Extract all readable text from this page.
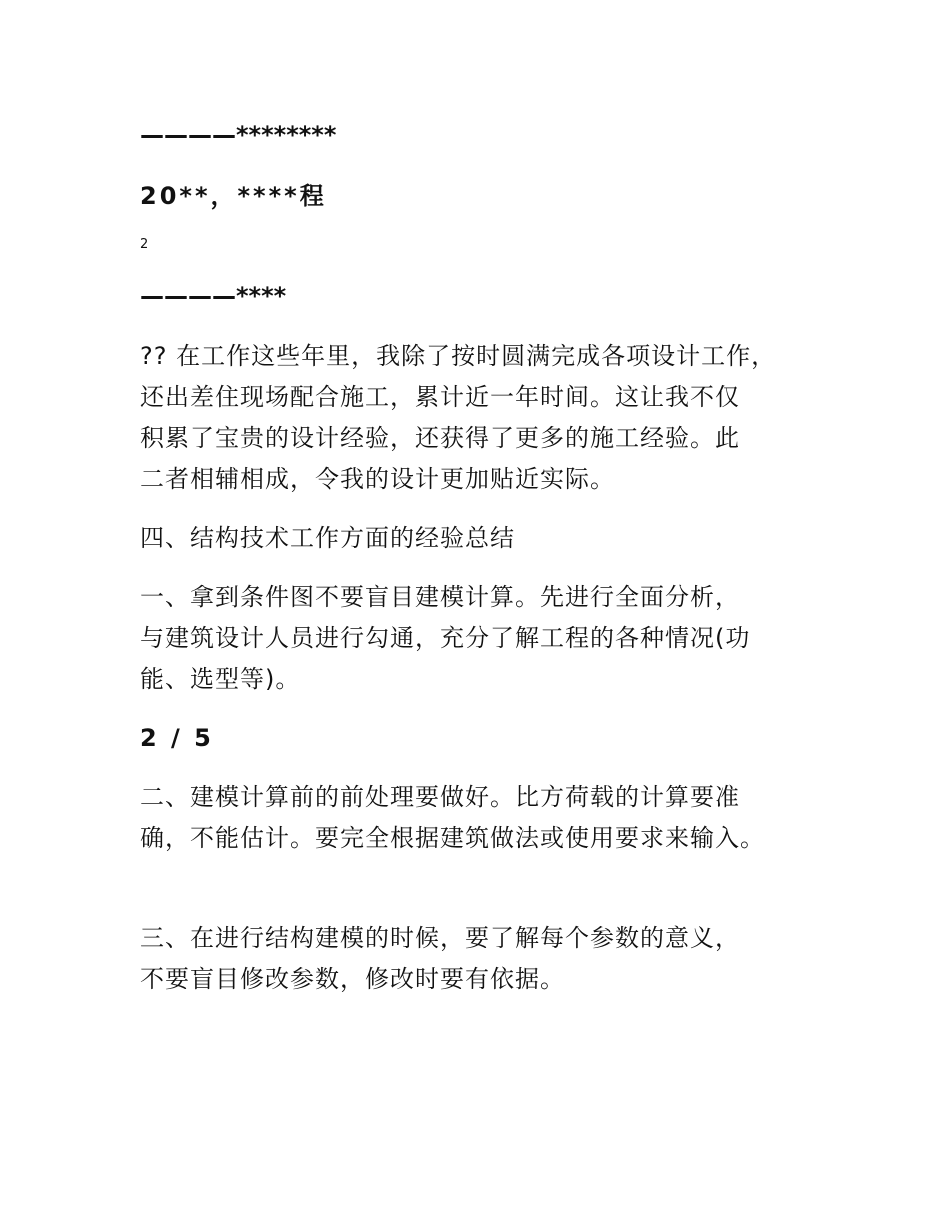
————********
20**，****程
2
————****
?? 在工作这些年里，我除了按时圆满完成各项设计工作，
还出差住现场配合施工，累计近一年时间。这让我不仅
积累了宝贵的设计经验，还获得了更多的施工经验。此
二者相辅相成，令我的设计更加贴近实际。
四、结构技术工作方面的经验总结
一、拿到条件图不要盲目建模计算。先进行全面分析，
与建筑设计人员进行勾通，充分了解工程的各种情况(功
能、选型等)。
2 / 5
二、建模计算前的前处理要做好。比方荷载的计算要准
确，不能估计。要完全根据建筑做法或使用要求来输入。
三、在进行结构建模的时候，要了解每个参数的意义，
不要盲目修改参数，修改时要有依据。
